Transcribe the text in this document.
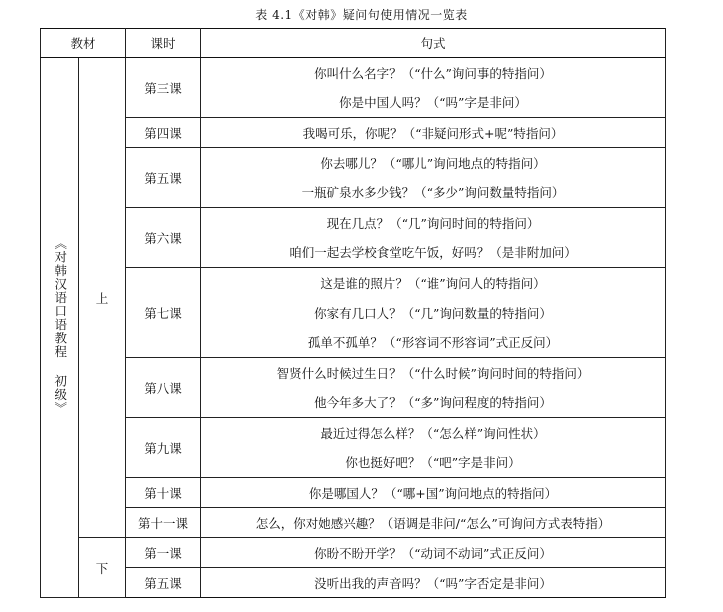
表 4.1《对韩》疑问句使用情况一览表
教材		课时	句式
《对韩汉语口语教程 初级》	上	第三课	你叫什么名字？（“什么”询问事的特指问）
			你是中国人吗？（“吗”字是非问）
		第四课	我喝可乐，你呢？（“非疑问形式+呢”特指问）
		第五课	你去哪儿？（“哪儿”询问地点的特指问）
			一瓶矿泉水多少钱？（“多少”询问数量特指问）
		第六课	现在几点？（“几”询问时间的特指问）
			咱们一起去学校食堂吃午饭，好吗？（是非附加问）
		第七课	这是谁的照片？（“谁”询问人的特指问）
			你家有几口人？（“几”询问数量的特指问）
			孤单不孤单？（“形容词不形容词”式正反问）
		第八课	智贤什么时候过生日？（“什么时候”询问时间的特指问）
			他今年多大了？（“多”询问程度的特指问）
		第九课	最近过得怎么样？（“怎么样”询问性状）
			你也挺好吧？（“吧”字是非问）
		第十课	你是哪国人？（“哪+国”询问地点的特指问）
		第十一课	怎么，你对她感兴趣？（语调是非问/“怎么”可询问方式表特指）
	下	第一课	你盼不盼开学？（“动词不动词”式正反问）
		第五课	没听出我的声音吗？（“吗”字否定是非问）
